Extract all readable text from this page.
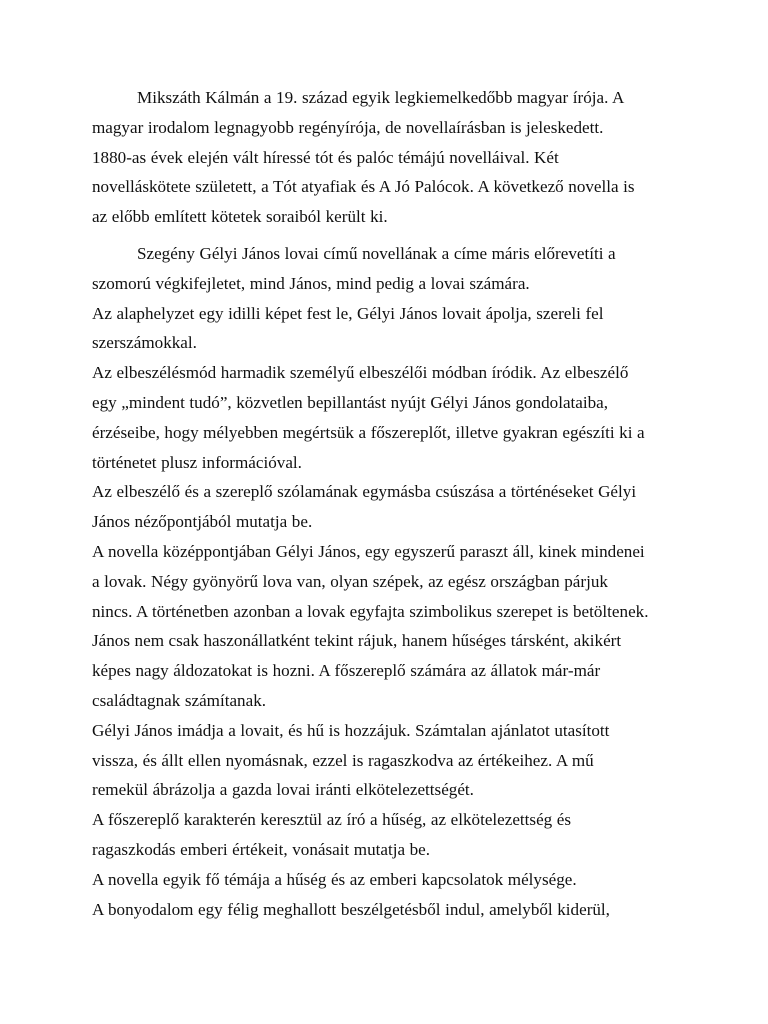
Mikszáth Kálmán a 19. század egyik legkiemelkedőbb magyar írója. A
magyar irodalom legnagyobb regényírója, de novellaírásban is jeleskedett.
1880-as évek elején vált híressé tót és palóc témájú novelláival. Két
novelláskötete született, a Tót atyafiak és A Jó Palócok. A következő novella is
az előbb említett kötetek soraiból került ki.

Szegény Gélyi János lovai című novellának a címe máris előrevetíti a
szomorú végkifejletet, mind János, mind pedig a lovai számára.

Az alaphelyzet egy idilli képet fest le, Gélyi János lovait ápolja, szereli fel
szerszámokkal.

Az elbeszélésmód harmadik személyű elbeszélői módban íródik. Az elbeszélő
egy „mindent tudó”, közvetlen bepillantást nyújt Gélyi János gondolataiba,
érzéseibe, hogy mélyebben megértsük a főszereplőt, illetve gyakran egészíti ki a
történetet plusz információval.

Az elbeszélő és a szereplő szólamának egymásba csúszása a történéseket Gélyi
János nézőpontjából mutatja be.

A novella középpontjában Gélyi János, egy egyszerű paraszt áll, kinek mindenei
a lovak. Négy gyönyörű lova van, olyan szépek, az egész országban párjuk
nincs. A történetben azonban a lovak egyfajta szimbolikus szerepet is betöltenek.
János nem csak haszonállatként tekint rájuk, hanem hűséges társként, akikért
képes nagy áldozatokat is hozni. A főszereplő számára az állatok már-már
családtagnak számítanak.

Gélyi János imádja a lovait, és hű is hozzájuk. Számtalan ajánlatot utasított
vissza, és állt ellen nyomásnak, ezzel is ragaszkodva az értékeihez. A mű
remekül ábrázolja a gazda lovai iránti elkötelezettségét.

A főszereplő karakterén keresztül az író a hűség, az elkötelezettség és
ragaszkodás emberi értékeit, vonásait mutatja be.

A novella egyik fő témája a hűség és az emberi kapcsolatok mélysége.

A bonyodalom egy félig meghallott beszélgetésből indul, amelyből kiderül,
